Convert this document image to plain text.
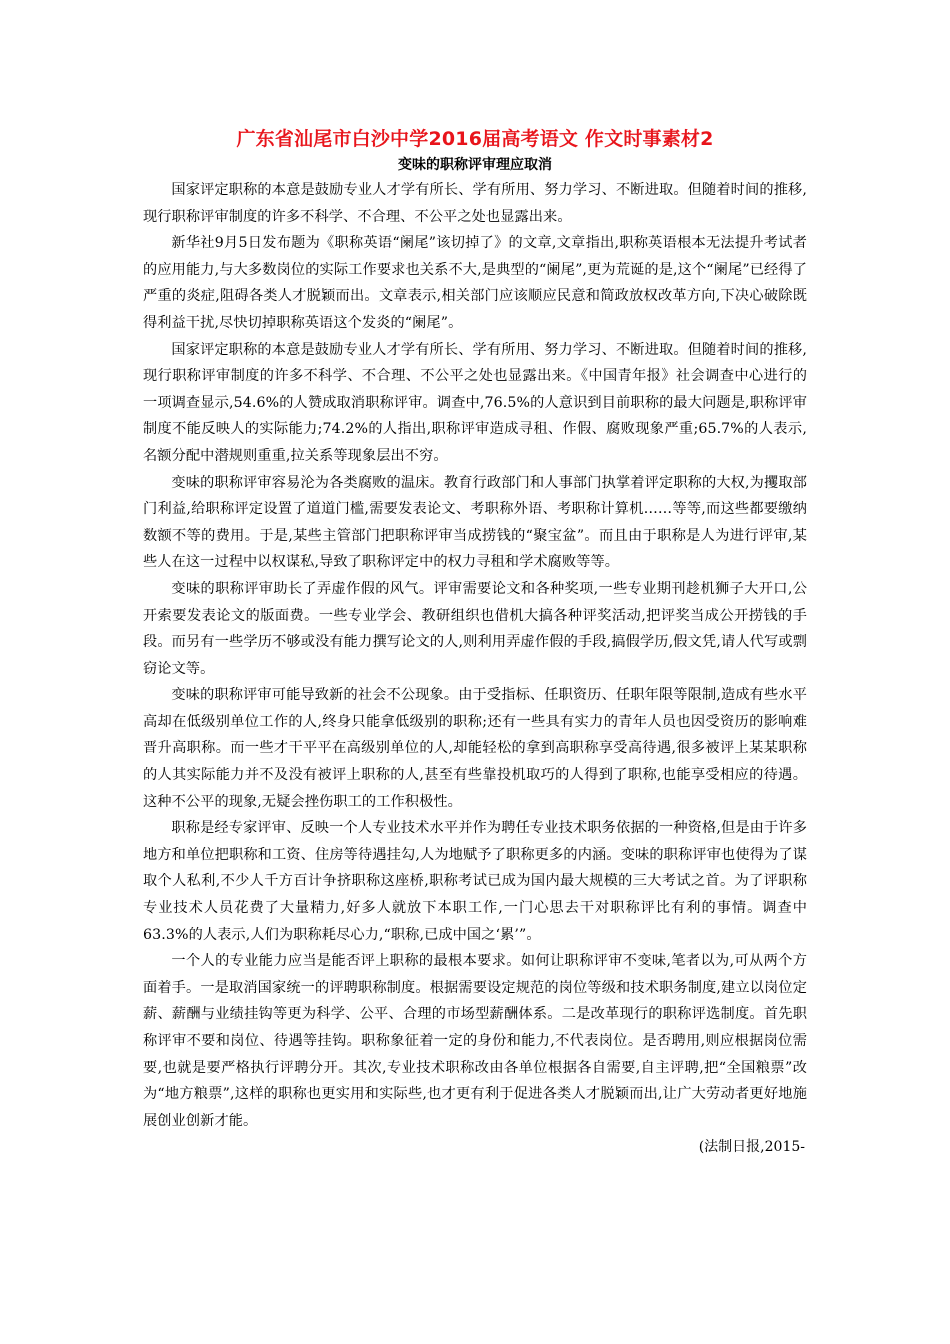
广东省汕尾市白沙中学2016届高考语文 作文时事素材2
变味的职称评审理应取消

国家评定职称的本意是鼓励专业人才学有所长、学有所用、努力学习、不断进取。但随着时间的推移,现行职称评审制度的许多不科学、不合理、不公平之处也显露出来。

新华社9月5日发布题为《职称英语“阑尾”该切掉了》的文章,文章指出,职称英语根本无法提升考试者的应用能力,与大多数岗位的实际工作要求也关系不大,是典型的“阑尾”,更为荒诞的是,这个“阑尾”已经得了严重的炎症,阻碍各类人才脱颖而出。文章表示,相关部门应该顺应民意和简政放权改革方向,下决心破除既得利益干扰,尽快切掉职称英语这个发炎的“阑尾”。

国家评定职称的本意是鼓励专业人才学有所长、学有所用、努力学习、不断进取。但随着时间的推移,现行职称评审制度的许多不科学、不合理、不公平之处也显露出来。《中国青年报》社会调查中心进行的一项调查显示,54.6%的人赞成取消职称评审。调查中,76.5%的人意识到目前职称的最大问题是,职称评审制度不能反映人的实际能力;74.2%的人指出,职称评审造成寻租、作假、腐败现象严重;65.7%的人表示,名额分配中潜规则重重,拉关系等现象层出不穷。

变味的职称评审容易沦为各类腐败的温床。教育行政部门和人事部门执掌着评定职称的大权,为攫取部门利益,给职称评定设置了道道门槛,需要发表论文、考职称外语、考职称计算机……等等,而这些都要缴纳数额不等的费用。于是,某些主管部门把职称评审当成捞钱的“聚宝盆”。而且由于职称是人为进行评审,某些人在这一过程中以权谋私,导致了职称评定中的权力寻租和学术腐败等等。

变味的职称评审助长了弄虚作假的风气。评审需要论文和各种奖项,一些专业期刊趁机狮子大开口,公开索要发表论文的版面费。一些专业学会、教研组织也借机大搞各种评奖活动,把评奖当成公开捞钱的手段。而另有一些学历不够或没有能力撰写论文的人,则利用弄虚作假的手段,搞假学历,假文凭,请人代写或剽窃论文等。

变味的职称评审可能导致新的社会不公现象。由于受指标、任职资历、任职年限等限制,造成有些水平高却在低级别单位工作的人,终身只能拿低级别的职称;还有一些具有实力的青年人员也因受资历的影响难晋升高职称。而一些才干平平在高级别单位的人,却能轻松的拿到高职称享受高待遇,很多被评上某某职称的人其实际能力并不及没有被评上职称的人,甚至有些靠投机取巧的人得到了职称,也能享受相应的待遇。这种不公平的现象,无疑会挫伤职工的工作积极性。

职称是经专家评审、反映一个人专业技术水平并作为聘任专业技术职务依据的一种资格,但是由于许多地方和单位把职称和工资、住房等待遇挂勾,人为地赋予了职称更多的内涵。变味的职称评审也使得为了谋取个人私利,不少人千方百计争挤职称这座桥,职称考试已成为国内最大规模的三大考试之首。为了评职称专业技术人员花费了大量精力,好多人就放下本职工作,一门心思去干对职称评比有利的事情。调查中63.3%的人表示,人们为职称耗尽心力,“职称,已成中国之‘累’”。

一个人的专业能力应当是能否评上职称的最根本要求。如何让职称评审不变味,笔者以为,可从两个方面着手。一是取消国家统一的评聘职称制度。根据需要设定规范的岗位等级和技术职务制度,建立以岗位定薪、薪酬与业绩挂钩等更为科学、公平、合理的市场型薪酬体系。二是改革现行的职称评选制度。首先职称评审不要和岗位、待遇等挂钩。职称象征着一定的身份和能力,不代表岗位。是否聘用,则应根据岗位需要,也就是要严格执行评聘分开。其次,专业技术职称改由各单位根据各自需要,自主评聘,把“全国粮票”改为“地方粮票”,这样的职称也更实用和实际些,也才更有利于促进各类人才脱颖而出,让广大劳动者更好地施展创业创新才能。

(法制日报,2015-
